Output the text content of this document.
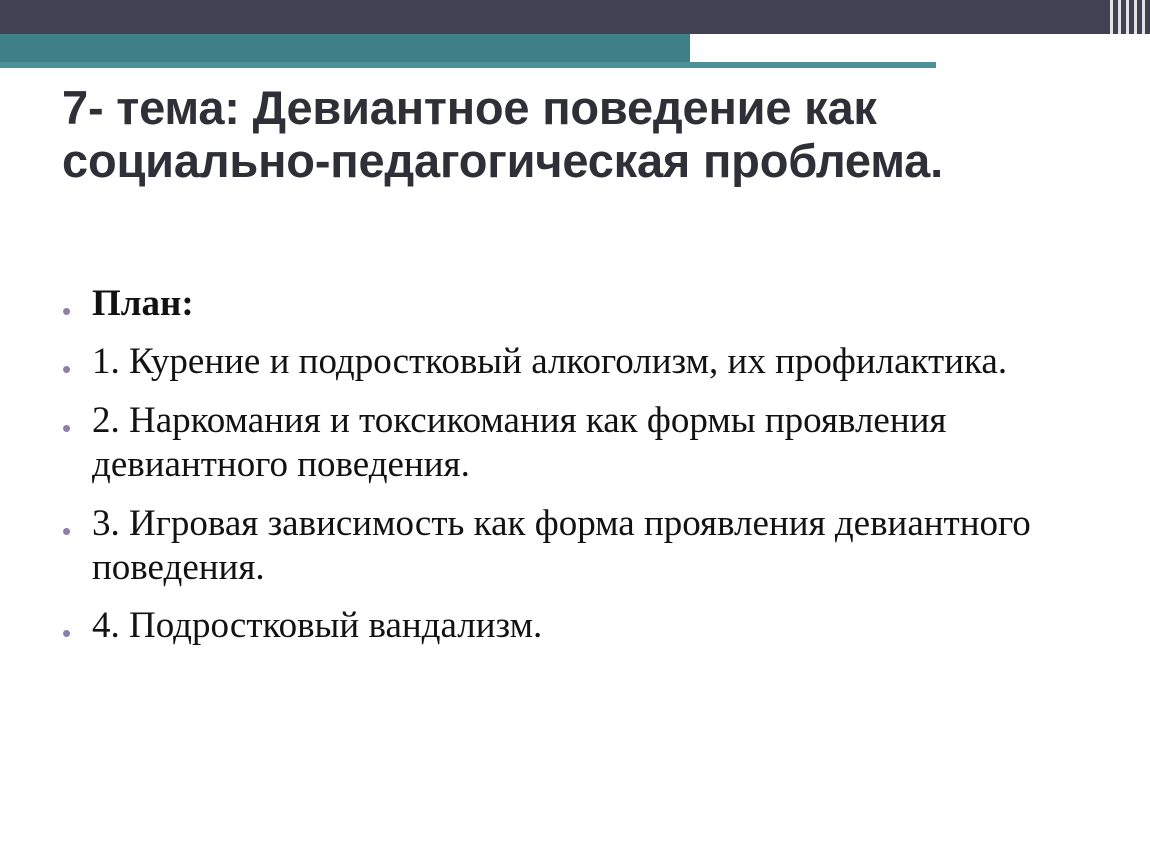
7- тема: Девиантное поведение как социально-педагогическая проблема.
• План:
• 1. Курение и подростковый алкоголизм, их профилактика.
• 2. Наркомания и токсикомания как формы проявления девиантного поведения.
• 3. Игровая зависимость как форма проявления девиантного поведения.
• 4. Подростковый вандализм.
